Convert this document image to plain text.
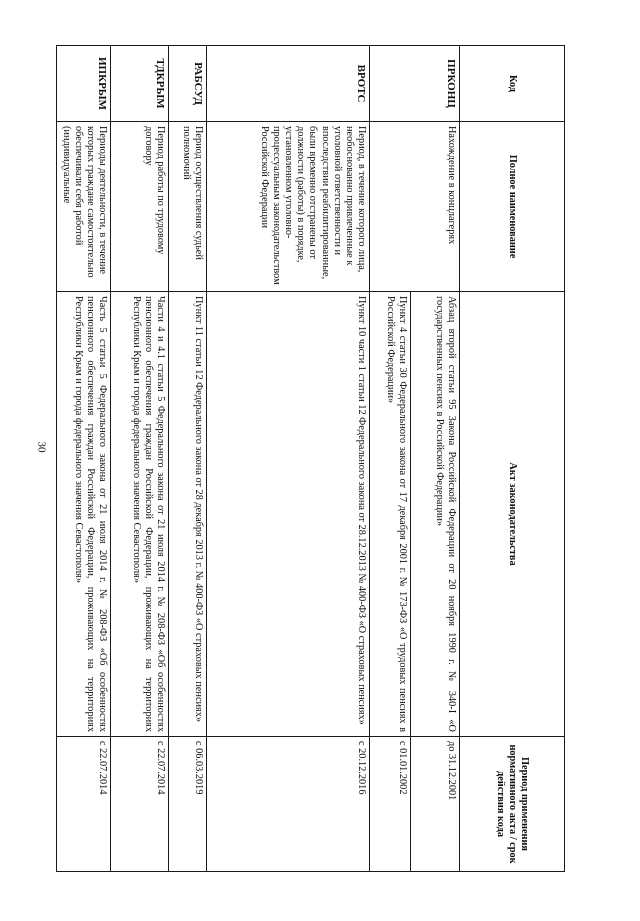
30
Код	Полное наименование	Акт законодательства	Период применения нормативного акта / срок действия кода
ПРКОНЦ	Нахождение в концлагерях	Абзац второй статьи 95 Закона Российской Федерации от 20 ноября 1990 г. № 340-I «О государственных пенсиях в Российской Федерации»	до 31.12.2001
		Пункт 4 статьи 30 Федерального закона от 17 декабря 2001 г. № 173-ФЗ «О трудовых пенсиях в Российской Федерации»	с 01.01.2002
ВРОТС	Период, в течение которого лица, необоснованно привлеченные к уголовной ответственности и впоследствии реабилитированные, были временно отстранены от должности (работы) в порядке, установленном уголовно-процессуальным законодательством Российской Федерации	Пункт 10 части 1 статьи 12 Федерального закона от 28.12.2013 № 400-ФЗ «О страховых пенсиях»	с 20.12.2016
РАБСУД	Период осуществления судьей полномочий	Пункт 11 статьи 12 Федерального закона от 28 декабря 2013 г. № 400-ФЗ «О страховых пенсиях»	с 06.03.2019
ТДКРЫМ	Период работы по трудовому договору	Части 4 и 4.1 статьи 5 Федерального закона от 21 июля 2014 г. № 208-ФЗ «Об особенностях пенсионного обеспечения граждан Российской Федерации, проживающих на территориях Республики Крым и города федерального значения Севастополя»	с 22.07.2014
ИПКРЫМ	Периоды деятельности, в течение которых граждане самостоятельно обеспечивали себя работой (индивидуальные	Часть 5 статьи 5 Федерального закона от 21 июля 2014 г. № 208-ФЗ «Об особенностях пенсионного обеспечения граждан Российской Федерации, проживающих на территориях Республики Крым и города федерального значения Севастополя»	с 22.07.2014
